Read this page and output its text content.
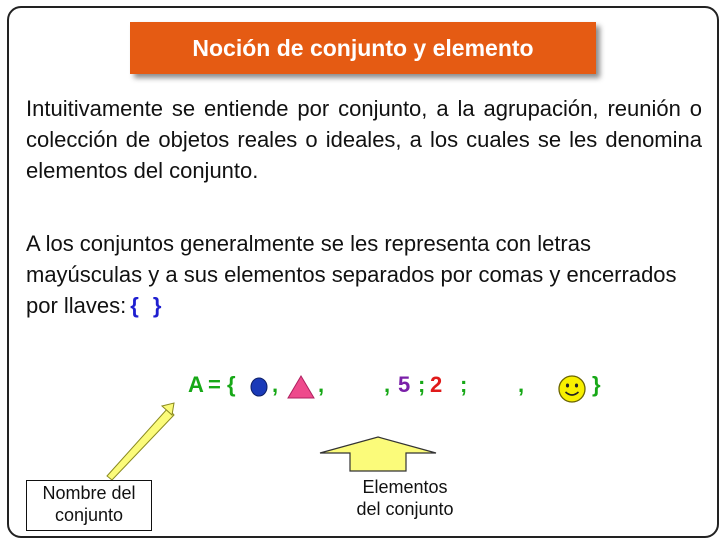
Noción de conjunto y elemento

Intuitivamente se entiende por conjunto, a la agrupación, reunión o colección de objetos reales o ideales, a los cuales se les denomina elementos del conjunto.

A los conjuntos generalmente se les representa con letras mayúsculas y a sus elementos separados por comas y encerrados por llaves: { }

A = { , ,	, 5 ; 2 ; ,	}
Nombre del
conjunto
Elementos
del conjunto
